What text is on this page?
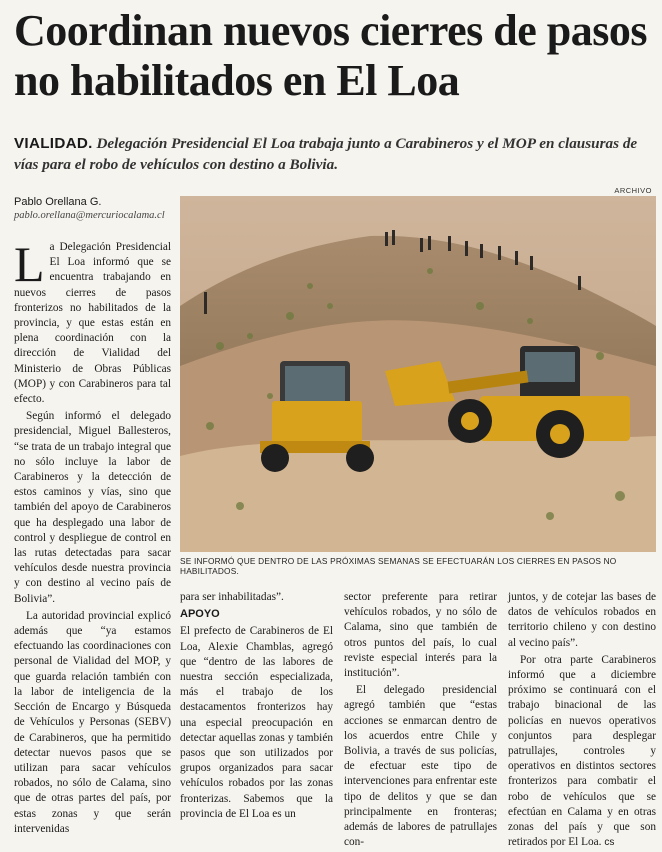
Coordinan nuevos cierres de pasos no habilitados en El Loa

VIALIDAD. Delegación Presidencial El Loa trabaja junto a Carabineros y el MOP en clausuras de vías para el robo de vehículos con destino a Bolivia.

Pablo Orellana G.
pablo.orellana@mercuriocalama.cl
ARCHIVO
SE INFORMÓ QUE DENTRO DE LAS PRÓXIMAS SEMANAS SE EFECTUARÁN LOS CIERRES EN PASOS NO HABILITADOS.

La Delegación Presidencial El Loa informó que se encuentra trabajando en nuevos cierres de pasos fronterizos no habilitados de la provincia, y que estas están en plena coordinación con la dirección de Vialidad del Ministerio de Obras Públicas (MOP) y con Carabineros para tal efecto.

Según informó el delegado presidencial, Miguel Ballesteros, “se trata de un trabajo integral que no sólo incluye la labor de Carabineros y la detección de estos caminos y vías, sino que también del apoyo de Carabineros que ha desplegado una labor de control y despliegue de control en las rutas detectadas para sacar vehículos desde nuestra provincia y con destino al vecino país de Bolivia”.

La autoridad provincial explicó además que “ya estamos efectuando las coordinaciones con personal de Vialidad del MOP, y que guarda relación también con la labor de inteligencia de la Sección de Encargo y Búsqueda de Vehículos y Personas (SEBV) de Carabineros, que ha permitido detectar nuevos pasos que se utilizan para sacar vehículos robados, no sólo de Calama, sino que de otras partes del país, por estas zonas y que serán intervenidas

para ser inhabilitadas”.

APOYO

El prefecto de Carabineros de El Loa, Alexie Chamblas, agregó que “dentro de las labores de nuestra sección especializada, más el trabajo de los destacamentos fronterizos hay una especial preocupación en detectar aquellas zonas y también pasos que son utilizados por grupos organizados para sacar vehículos robados por las zonas fronterizas. Sabemos que la provincia de El Loa es un

sector preferente para retirar vehículos robados, y no sólo de Calama, sino que también de otros puntos del país, lo cual reviste especial interés para la institución”.

El delegado presidencial agregó también que “estas acciones se enmarcan dentro de los acuerdos entre Chile y Bolivia, a través de sus policías, de efectuar este tipo de intervenciones para enfrentar este tipo de delitos y que se dan principalmente en fronteras; además de labores de patrullajes con-

juntos, y de cotejar las bases de datos de vehículos robados en territorio chileno y con destino al vecino país”.

Por otra parte Carabineros informó que a diciembre próximo se continuará con el trabajo binacional de las policías en nuevos operativos conjuntos para desplegar patrullajes, controles y operativos en distintos sectores fronterizos para combatir el robo de vehículos que se efectúan en Calama y en otras zonas del país y que son retirados por El Loa. cs
